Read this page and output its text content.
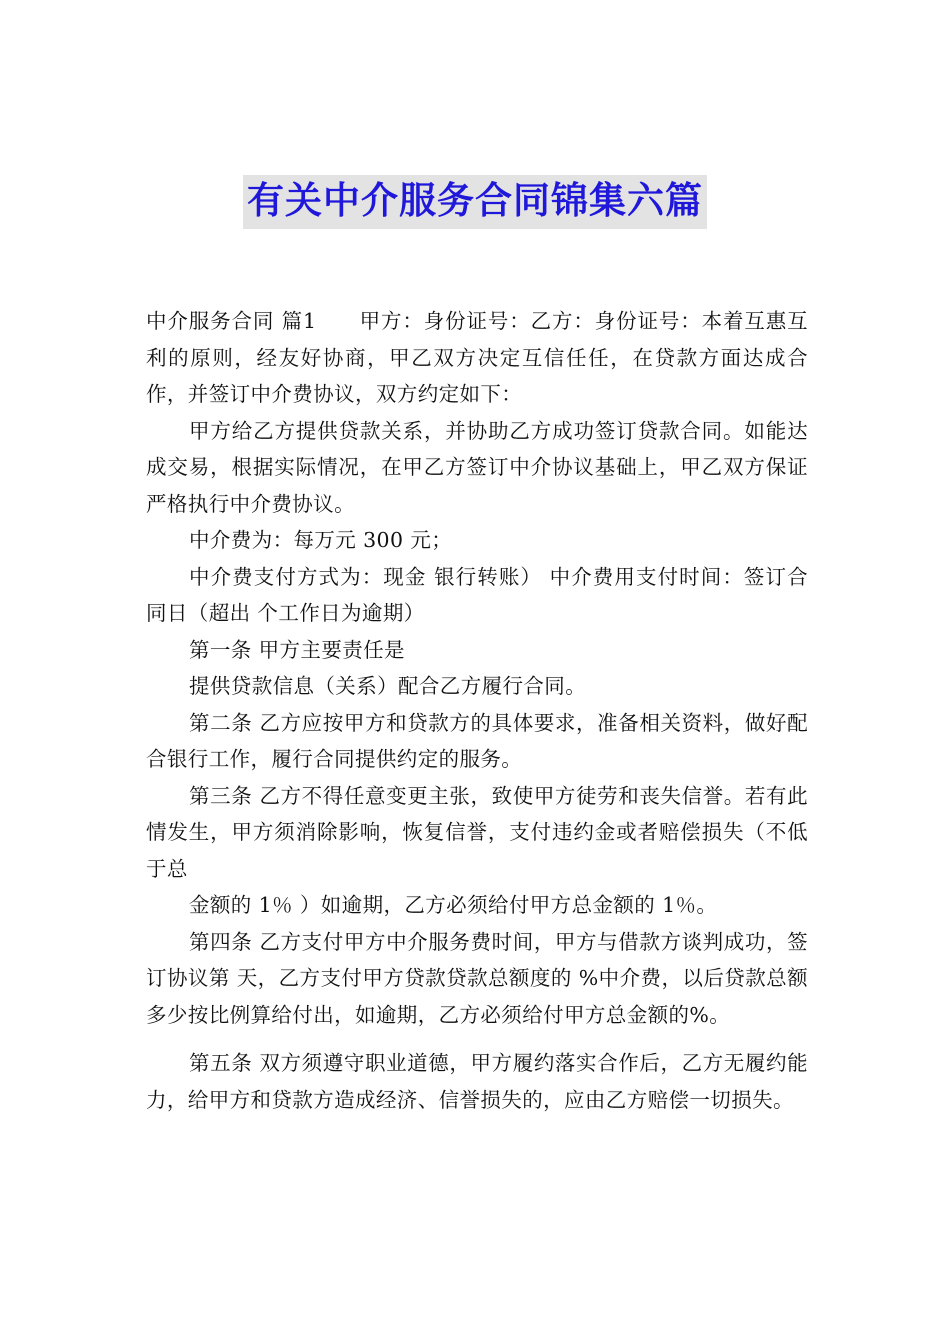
有关中介服务合同锦集六篇

中介服务合同 篇1　　甲方：身份证号：乙方：身份证号：本着互惠互利的原则，经友好协商，甲乙双方决定互信任任，在贷款方面达成合作，并签订中介费协议，双方约定如下：

甲方给乙方提供贷款关系，并协助乙方成功签订贷款合同。如能达成交易，根据实际情况，在甲乙方签订中介协议基础上，甲乙双方保证严格执行中介费协议。

中介费为：每万元 300 元；

中介费支付方式为：现金 银行转账） 中介费用支付时间：签订合同日（超出 个工作日为逾期）

第一条 甲方主要责任是

提供贷款信息（关系）配合乙方履行合同。

第二条 乙方应按甲方和贷款方的具体要求，准备相关资料，做好配合银行工作，履行合同提供约定的服务。

第三条 乙方不得任意变更主张，致使甲方徒劳和丧失信誉。若有此情发生，甲方须消除影响，恢复信誉，支付违约金或者赔偿损失（不低于总

金额的 1％ ）如逾期，乙方必须给付甲方总金额的 1％。

第四条 乙方支付甲方中介服务费时间，甲方与借款方谈判成功，签订协议第 天，乙方支付甲方贷款贷款总额度的 %中介费，以后贷款总额多少按比例算给付出，如逾期，乙方必须给付甲方总金额的%。

第五条 双方须遵守职业道德，甲方履约落实合作后，乙方无履约能力，给甲方和贷款方造成经济、信誉损失的，应由乙方赔偿一切损失。
